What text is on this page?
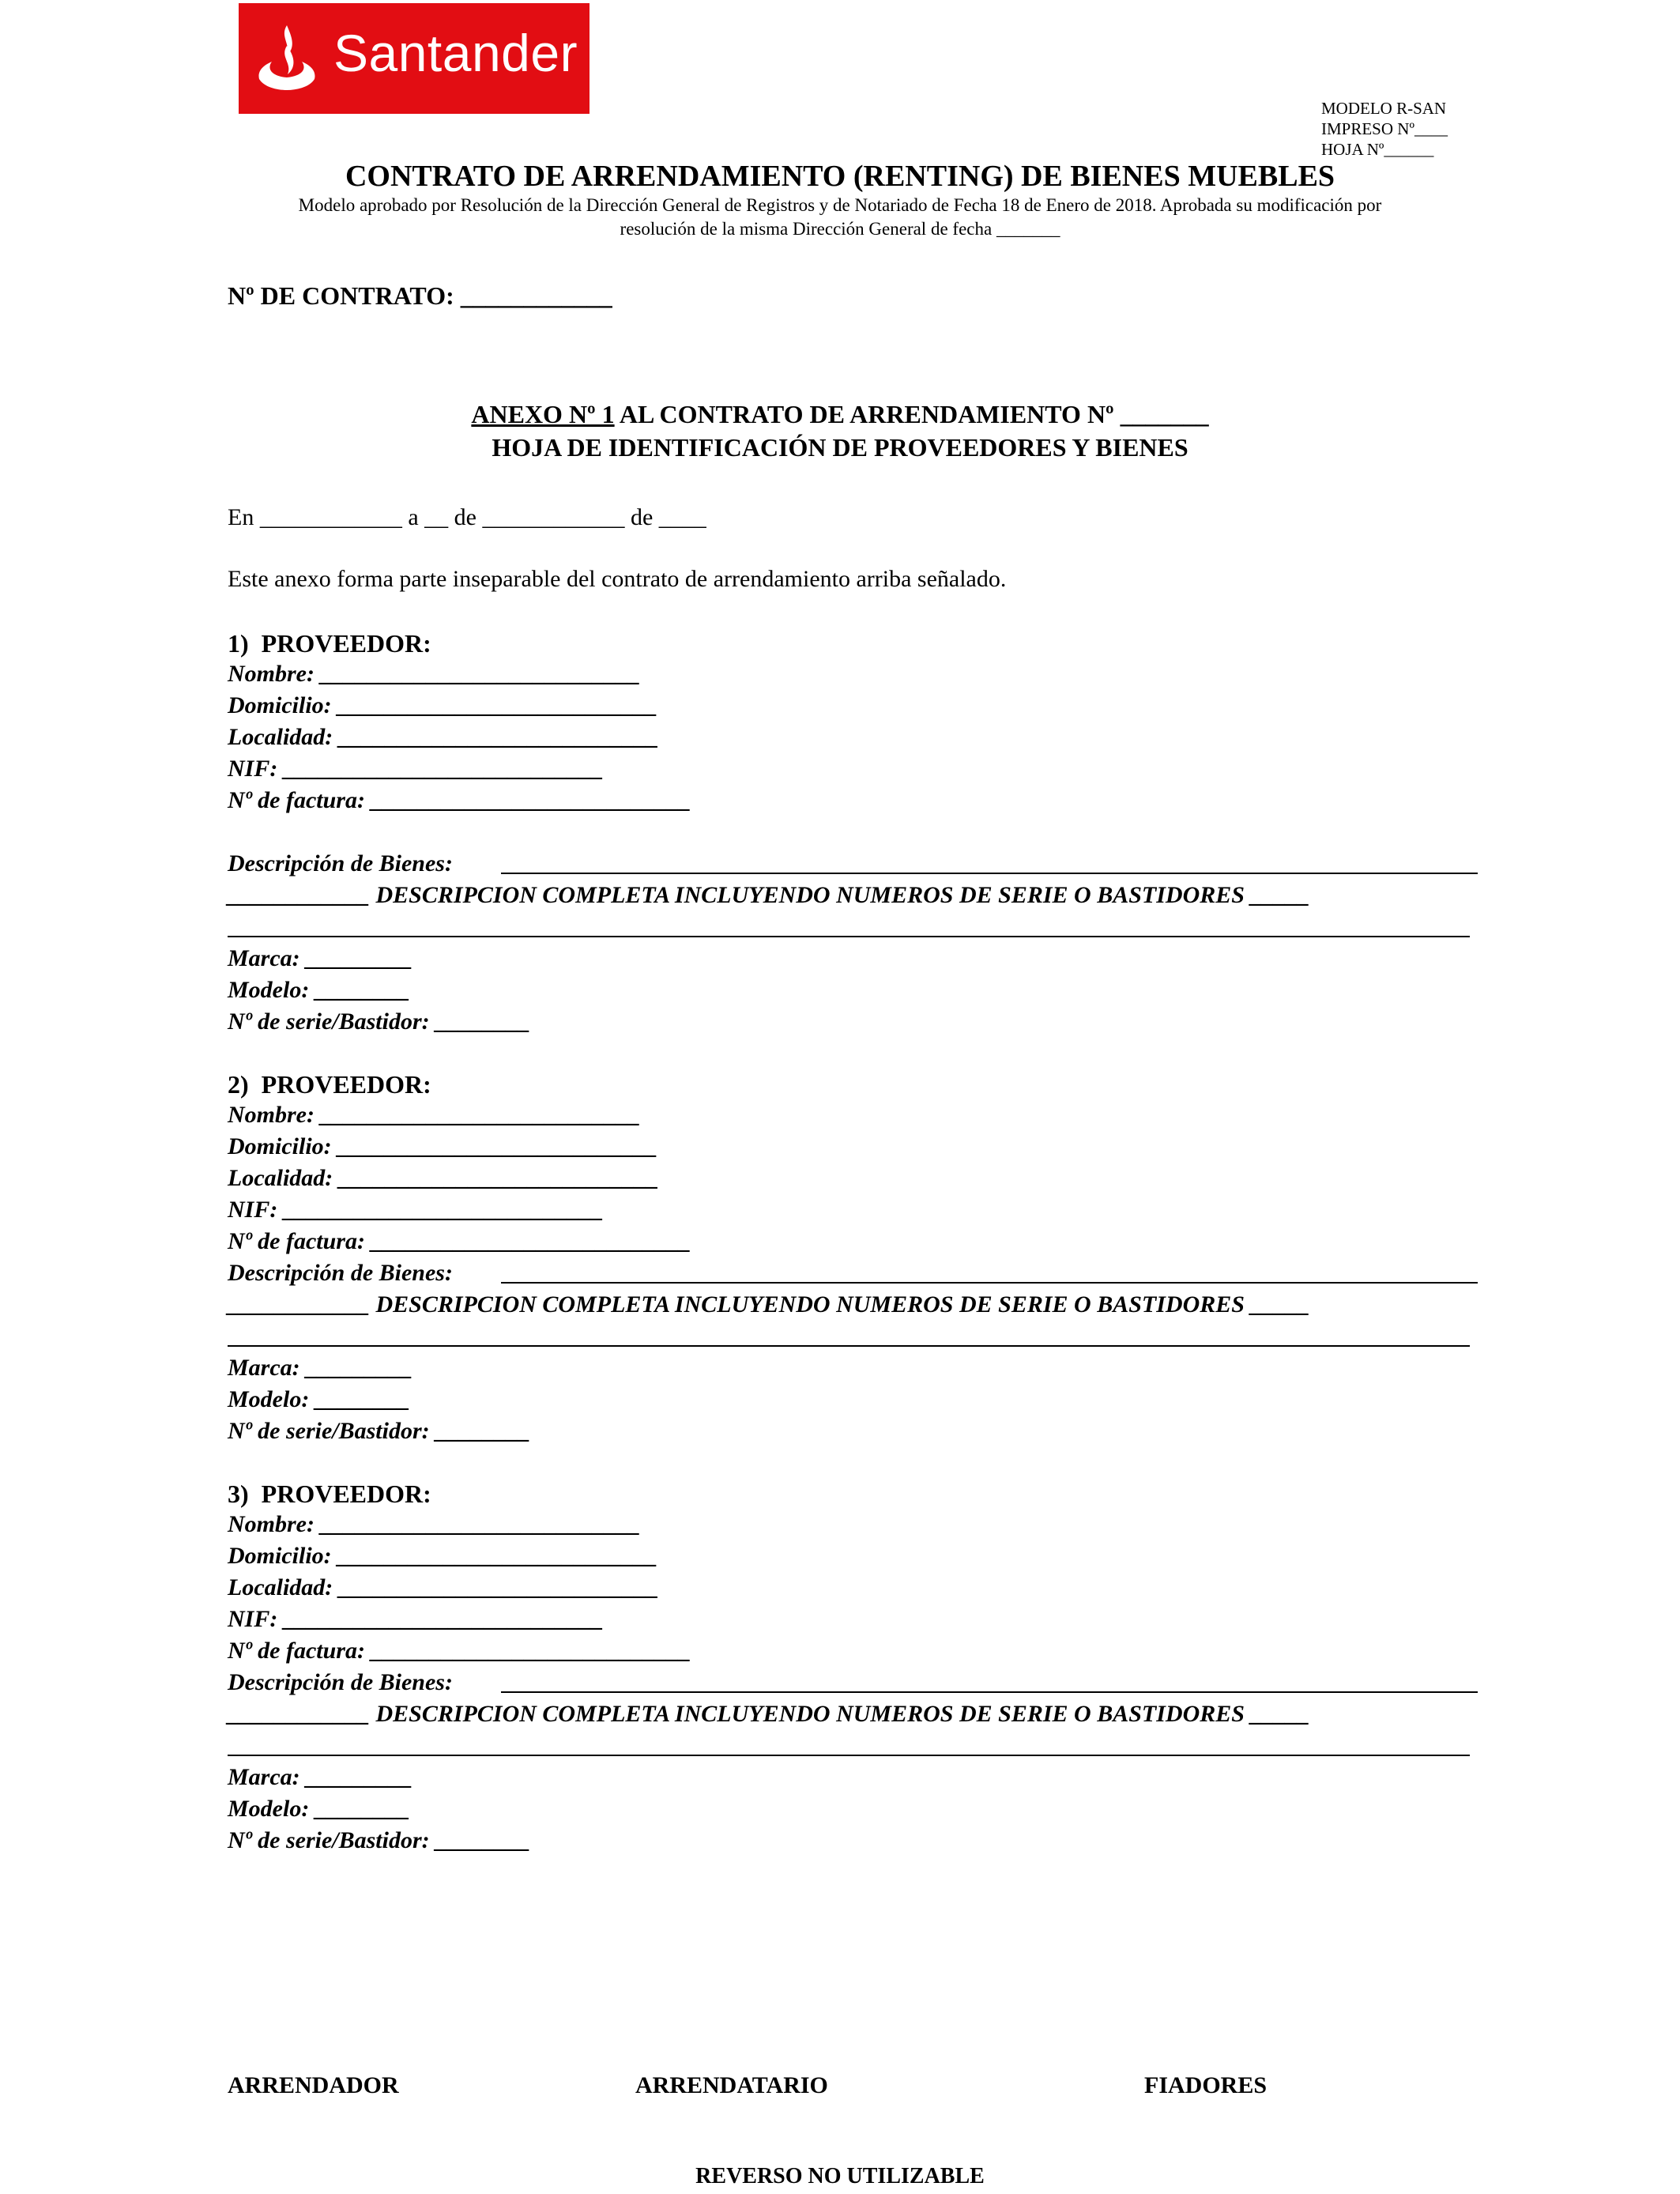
Santander

MODELO R-SAN
IMPRESO Nº____
HOJA Nº______
CONTRATO DE ARRENDAMIENTO (RENTING) DE BIENES MUEBLES
Modelo aprobado por Resolución de la Dirección General de Registros y de Notariado de Fecha 18 de Enero de 2018. Aprobada su modificación por
resolución de la misma Dirección General de fecha _______
Nº DE CONTRATO: ____________
ANEXO Nº 1 AL CONTRATO DE ARRENDAMIENTO Nº _______
HOJA DE IDENTIFICACIÓN DE PROVEEDORES Y BIENES
En ____________ a __ de ____________ de ____
Este anexo forma parte inseparable del contrato de arrendamiento arriba señalado.
1)  PROVEEDOR:
Nombre: ___________________________
Domicilio: ___________________________
Localidad: ___________________________
NIF: ___________________________
Nº de factura: ___________________________
Descripción de Bienes:
____________ DESCRIPCION COMPLETA INCLUYENDO NUMEROS DE SERIE O BASTIDORES _____
Marca: _________
Modelo: ________
Nº de serie/Bastidor: ________
2)  PROVEEDOR:
Nombre: ___________________________
Domicilio: ___________________________
Localidad: ___________________________
NIF: ___________________________
Nº de factura: ___________________________
Descripción de Bienes:
____________ DESCRIPCION COMPLETA INCLUYENDO NUMEROS DE SERIE O BASTIDORES _____
Marca: _________
Modelo: ________
Nº de serie/Bastidor: ________
3)  PROVEEDOR:
Nombre: ___________________________
Domicilio: ___________________________
Localidad: ___________________________
NIF: ___________________________
Nº de factura: ___________________________
Descripción de Bienes:
____________ DESCRIPCION COMPLETA INCLUYENDO NUMEROS DE SERIE O BASTIDORES _____
Marca: _________
Modelo: ________
Nº de serie/Bastidor: ________
ARRENDADOR	ARRENDATARIO	FIADORES
REVERSO NO UTILIZABLE
